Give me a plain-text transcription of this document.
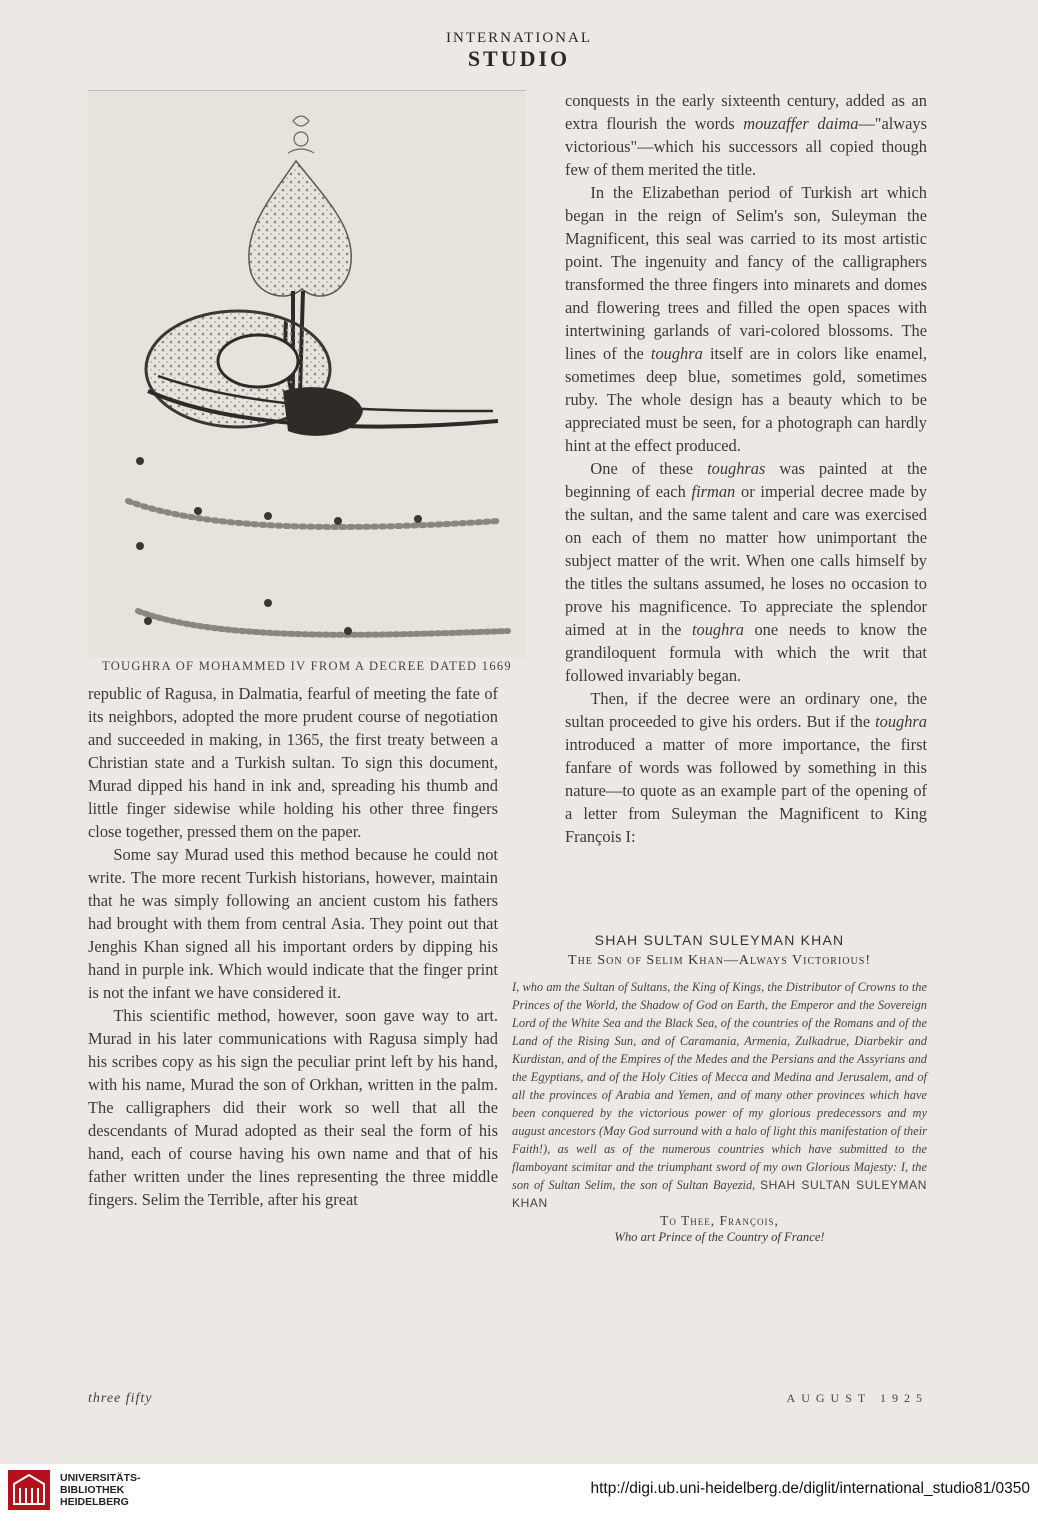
INTERNATIONAL
STUDIO
TOUGHRA OF MOHAMMED IV FROM A DECREE DATED 1669

republic of Ragusa, in Dalmatia, fearful of meeting the fate of its neighbors, adopted the more prudent course of negotiation and succeeded in making, in 1365, the first treaty between a Christian state and a Turkish sultan. To sign this document, Murad dipped his hand in ink and, spreading his thumb and little finger sidewise while holding his other three fingers close together, pressed them on the paper.

Some say Murad used this method because he could not write. The more recent Turkish historians, however, maintain that he was simply following an ancient custom his fathers had brought with them from central Asia. They point out that Jenghis Khan signed all his important orders by dipping his hand in purple ink. Which would indicate that the finger print is not the infant we have considered it.

This scientific method, however, soon gave way to art. Murad in his later communications with Ragusa simply had his scribes copy as his sign the peculiar print left by his hand, with his name, Murad the son of Orkhan, written in the palm. The calligraphers did their work so well that all the descendants of Murad adopted as their seal the form of his hand, each of course having his own name and that of his father written under the lines representing the three middle fingers. Selim the Terrible, after his great

conquests in the early sixteenth century, added as an extra flourish the words mouzaffer daima—"always victorious"—which his successors all copied though few of them merited the title.

In the Elizabethan period of Turkish art which began in the reign of Selim's son, Suleyman the Magnificent, this seal was carried to its most artistic point. The ingenuity and fancy of the calligraphers transformed the three fingers into minarets and domes and flowering trees and filled the open spaces with intertwining garlands of vari-colored blossoms. The lines of the toughra itself are in colors like enamel, sometimes deep blue, sometimes gold, sometimes ruby. The whole design has a beauty which to be appreciated must be seen, for a photograph can hardly hint at the effect produced.

One of these toughras was painted at the beginning of each firman or imperial decree made by the sultan, and the same talent and care was exercised on each of them no matter how unimportant the subject matter of the writ. When one calls himself by the titles the sultans assumed, he loses no occasion to prove his magnificence. To appreciate the splendor aimed at in the toughra one needs to know the grandiloquent formula with which the writ that followed invariably began.

Then, if the decree were an ordinary one, the sultan proceeded to give his orders. But if the toughra introduced a matter of more importance, the first fanfare of words was followed by something in this nature—to quote as an example part of the opening of a letter from Suleyman the Magnificent to King François I:

SHAH SULTAN SULEYMAN KHAN
The Son of Selim Khan—Always Victorious!
I, who am the Sultan of Sultans, the King of Kings, the Distributor of Crowns to the Princes of the World, the Shadow of God on Earth, the Emperor and the Sovereign Lord of the White Sea and the Black Sea, of the countries of the Romans and of the Land of the Rising Sun, and of Caramania, Armenia, Zulkadrue, Diarbekir and Kurdistan, and of the Empires of the Medes and the Persians and the Assyrians and the Egyptians, and of the Holy Cities of Mecca and Medina and Jerusalem, and of all the provinces of Arabia and Yemen, and of many other provinces which have been conquered by the victorious power of my glorious predecessors and my august ancestors (May God surround with a halo of light this manifestation of their Faith!), as well as of the numerous countries which have submitted to the flamboyant scimitar and the triumphant sword of my own Glorious Majesty: I, the son of Sultan Selim, the son of Sultan Bayezid, SHAH SULTAN SULEYMAN KHAN
To Thee, François,
Who art Prince of the Country of France!
three fifty	AUGUST 1925
UNIVERSITÄTS-
BIBLIOTHEK
HEIDELBERG
http://digi.ub.uni-heidelberg.de/diglit/international_studio81/0350
